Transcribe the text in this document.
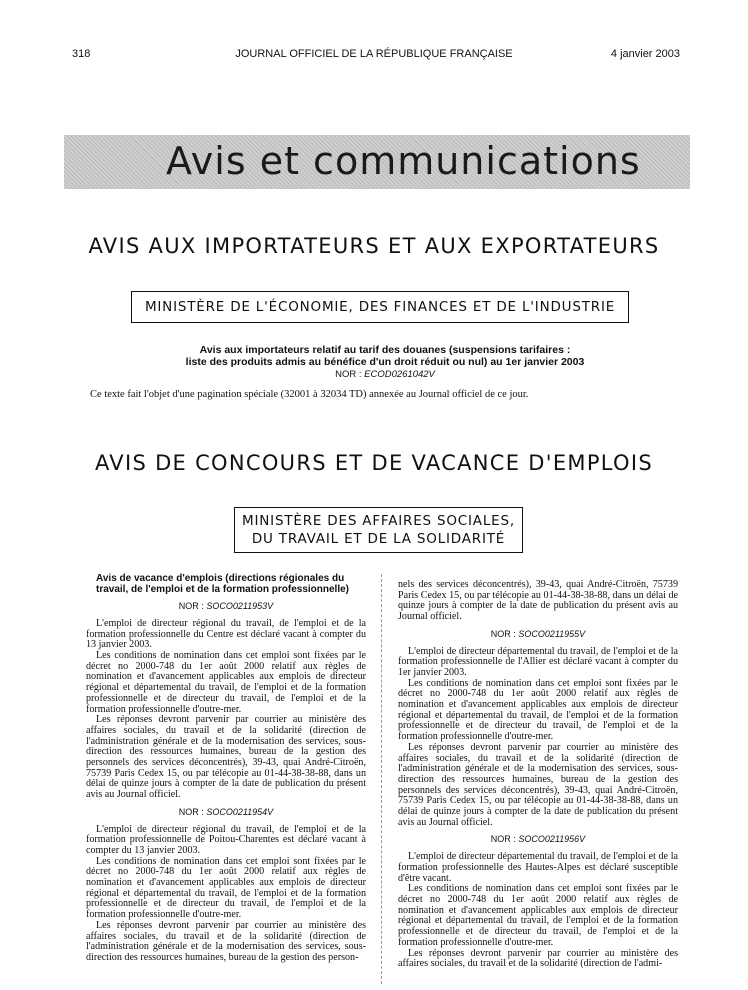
318	JOURNAL OFFICIEL DE LA RÉPUBLIQUE FRANÇAISE	4 janvier 2003
Avis et communications
AVIS AUX IMPORTATEURS ET AUX EXPORTATEURS
MINISTÈRE DE L'ÉCONOMIE, DES FINANCES ET DE L'INDUSTRIE
Avis aux importateurs relatif au tarif des douanes (suspensions tarifaires :
liste des produits admis au bénéfice d'un droit réduit ou nul) au 1er janvier 2003
NOR : ECOD0261042V
Ce texte fait l'objet d'une pagination spéciale (32001 à 32034 TD) annexée au Journal officiel de ce jour.
AVIS DE CONCOURS ET DE VACANCE D'EMPLOIS
MINISTÈRE DES AFFAIRES SOCIALES,
DU TRAVAIL ET DE LA SOLIDARITÉ

Avis de vacance d'emplois (directions régionales du travail, de l'emploi et de la formation professionnelle)

NOR : SOCO0211953V

L'emploi de directeur régional du travail, de l'emploi et de la formation professionnelle du Centre est déclaré vacant à compter du 13 janvier 2003.

Les conditions de nomination dans cet emploi sont fixées par le décret no 2000-748 du 1er août 2000 relatif aux règles de nomination et d'avancement applicables aux emplois de directeur régional et départemental du travail, de l'emploi et de la formation professionnelle et de directeur du travail, de l'emploi et de la formation professionnelle d'outre-mer.

Les réponses devront parvenir par courrier au ministère des affaires sociales, du travail et de la solidarité (direction de l'administration générale et de la modernisation des services, sous-direction des ressources humaines, bureau de la gestion des personnels des services déconcentrés), 39-43, quai André-Citroën, 75739 Paris Cedex 15, ou par télécopie au 01-44-38-38-88, dans un délai de quinze jours à compter de la date de publication du présent avis au Journal officiel.

NOR : SOCO0211954V

L'emploi de directeur régional du travail, de l'emploi et de la formation professionnelle de Poitou-Charentes est déclaré vacant à compter du 13 janvier 2003.

Les conditions de nomination dans cet emploi sont fixées par le décret no 2000-748 du 1er août 2000 relatif aux règles de nomination et d'avancement applicables aux emplois de directeur régional et départemental du travail, de l'emploi et de la formation professionnelle et de directeur du travail, de l'emploi et de la formation professionnelle d'outre-mer.

Les réponses devront parvenir par courrier au ministère des affaires sociales, du travail et de la solidarité (direction de l'administration générale et de la modernisation des services, sous-direction des ressources humaines, bureau de la gestion des person-

nels des services déconcentrés), 39-43, quai André-Citroën, 75739 Paris Cedex 15, ou par télécopie au 01-44-38-38-88, dans un délai de quinze jours à compter de la date de publication du présent avis au Journal officiel.

NOR : SOCO0211955V

L'emploi de directeur départemental du travail, de l'emploi et de la formation professionnelle de l'Allier est déclaré vacant à compter du 1er janvier 2003.

Les conditions de nomination dans cet emploi sont fixées par le décret no 2000-748 du 1er août 2000 relatif aux règles de nomination et d'avancement applicables aux emplois de directeur régional et départemental du travail, de l'emploi et de la formation professionnelle et de directeur du travail, de l'emploi et de la formation professionnelle d'outre-mer.

Les réponses devront parvenir par courrier au ministère des affaires sociales, du travail et de la solidarité (direction de l'administration générale et de la modernisation des services, sous-direction des ressources humaines, bureau de la gestion des personnels des services déconcentrés), 39-43, quai André-Citroën, 75739 Paris Cedex 15, ou par télécopie au 01-44-38-38-88, dans un délai de quinze jours à compter de la date de publication du présent avis au Journal officiel.

NOR : SOCO0211956V

L'emploi de directeur départemental du travail, de l'emploi et de la formation professionnelle des Hautes-Alpes est déclaré susceptible d'être vacant.

Les conditions de nomination dans cet emploi sont fixées par le décret no 2000-748 du 1er août 2000 relatif aux règles de nomination et d'avancement applicables aux emplois de directeur régional et départemental du travail, de l'emploi et de la formation professionnelle et de directeur du travail, de l'emploi et de la formation professionnelle d'outre-mer.

Les réponses devront parvenir par courrier au ministère des affaires sociales, du travail et de la solidarité (direction de l'admi-
